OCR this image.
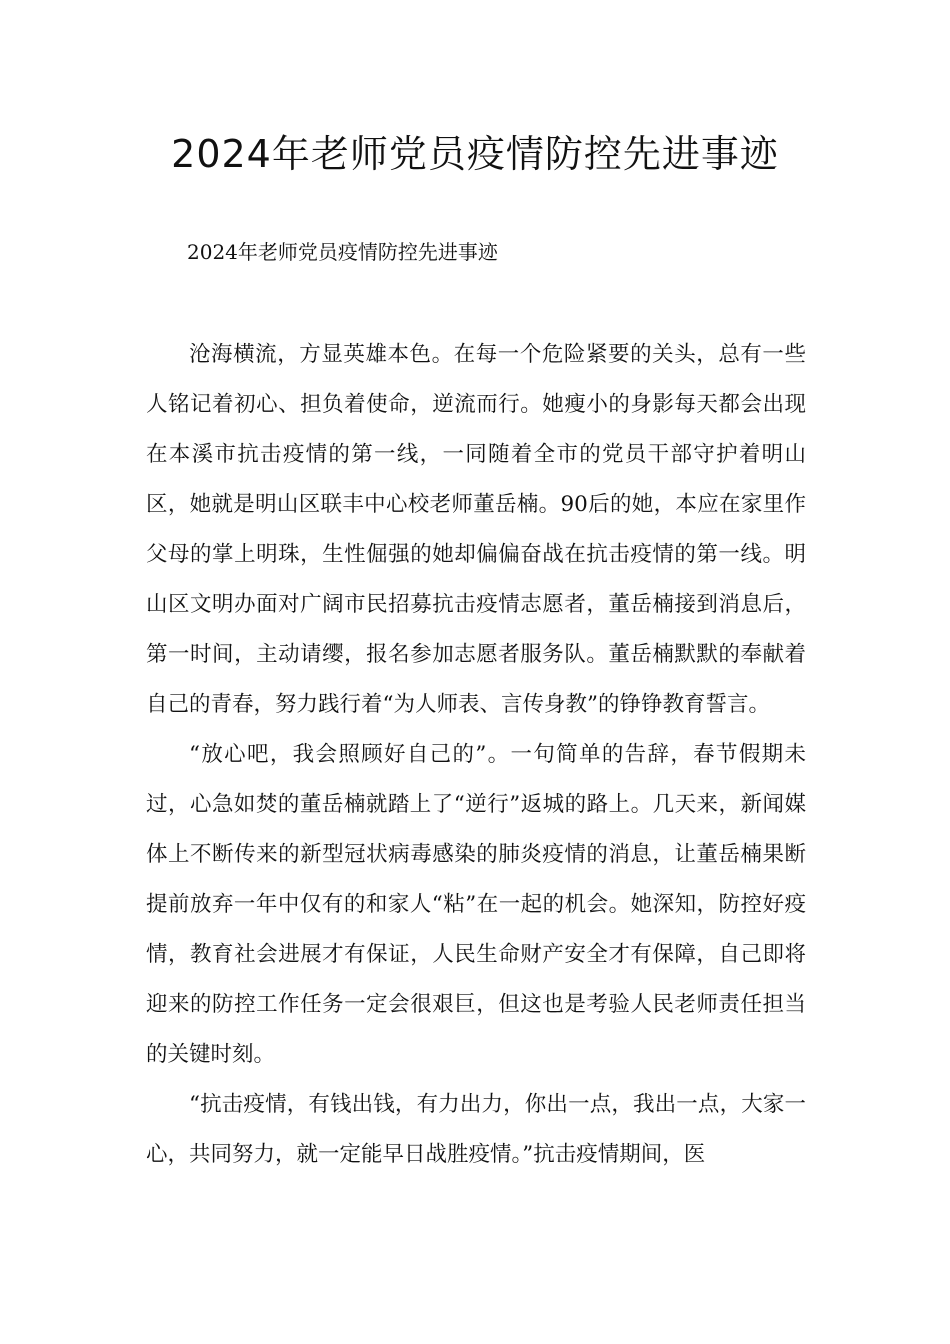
2024年老师党员疫情防控先进事迹

2024年老师党员疫情防控先进事迹

沧海横流，方显英雄本色。在每一个危险紧要的关头，总有一些人铭记着初心、担负着使命，逆流而行。她瘦小的身影每天都会出现在本溪市抗击疫情的第一线，一同随着全市的党员干部守护着明山区，她就是明山区联丰中心校老师董岳楠。90后的她，本应在家里作父母的掌上明珠，生性倔强的她却偏偏奋战在抗击疫情的第一线。明山区文明办面对广阔市民招募抗击疫情志愿者，董岳楠接到消息后，第一时间，主动请缨，报名参加志愿者服务队。董岳楠默默的奉献着自己的青春，努力践行着“为人师表、言传身教”的铮铮教育誓言。

“放心吧，我会照顾好自己的”。一句简单的告辞，春节假期未过，心急如焚的董岳楠就踏上了“逆行”返城的路上。几天来，新闻媒体上不断传来的新型冠状病毒感染的肺炎疫情的消息，让董岳楠果断提前放弃一年中仅有的和家人“粘”在一起的机会。她深知，防控好疫情，教育社会进展才有保证，人民生命财产安全才有保障，自己即将迎来的防控工作任务一定会很艰巨，但这也是考验人民老师责任担当的关键时刻。

“抗击疫情，有钱出钱，有力出力，你出一点，我出一点，大家一心，共同努力，就一定能早日战胜疫情。”抗击疫情期间，医
